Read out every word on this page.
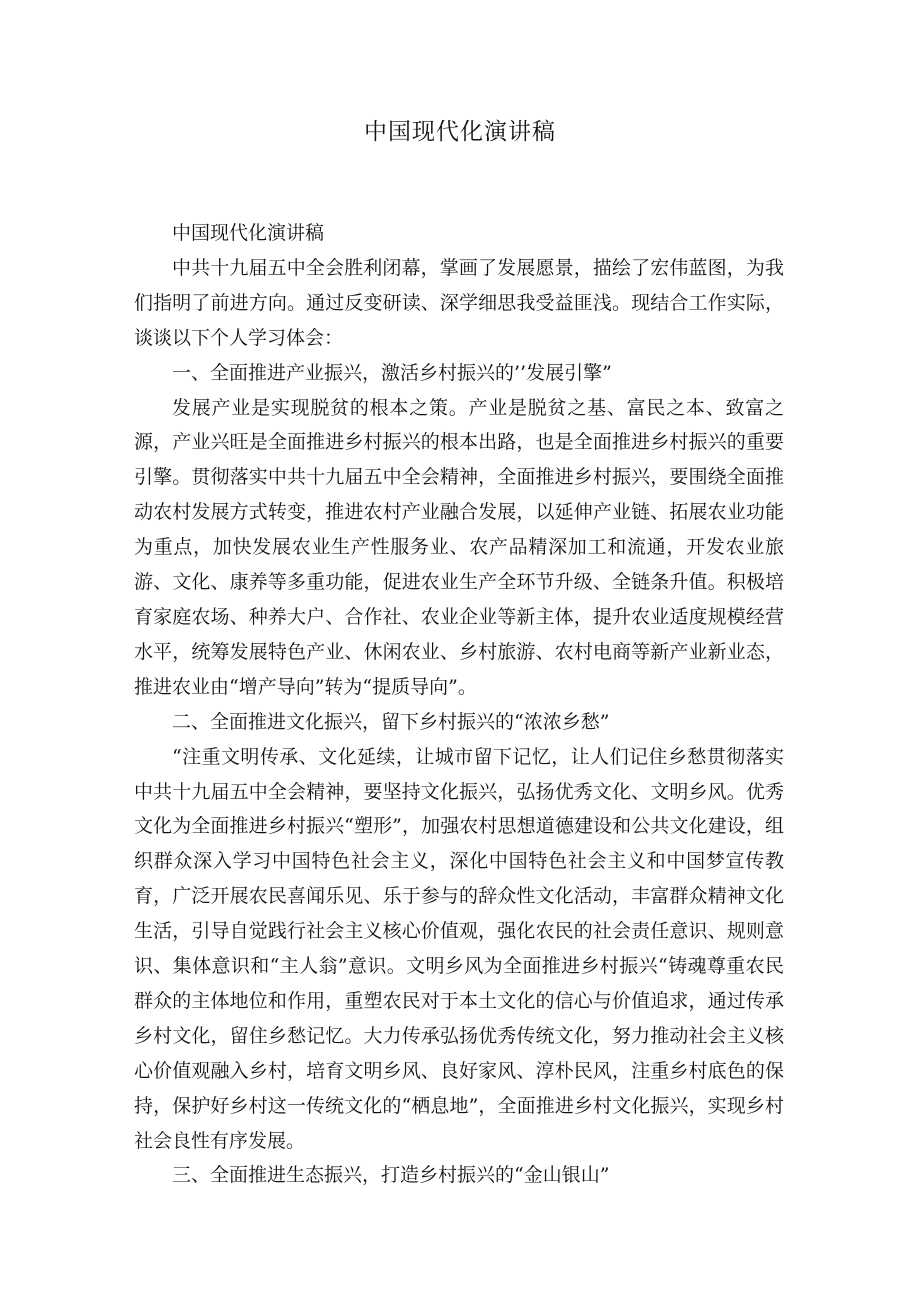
中国现代化演讲稿

中国现代化演讲稿

中共十九届五中全会胜利闭幕，掌画了发展愿景，描绘了宏伟蓝图，为我们指明了前进方向。通过反变研读、深学细思我受益匪浅。现结合工作实际，谈谈以下个人学习体会：

一、全面推进产业振兴，激活乡村振兴的’’发展引擎”

发展产业是实现脱贫的根本之策。产业是脱贫之基、富民之本、致富之源，产业兴旺是全面推进乡村振兴的根本出路，也是全面推进乡村振兴的重要引擎。贯彻落实中共十九届五中全会精神，全面推进乡村振兴，要围绕全面推动农村发展方式转变，推进农村产业融合发展，以延伸产业链、拓展农业功能为重点，加快发展农业生产性服务业、农产品精深加工和流通，开发农业旅游、文化、康养等多重功能，促进农业生产全环节升级、全链条升值。积极培育家庭农场、种养大户、合作社、农业企业等新主体，提升农业适度规模经营水平，统筹发展特色产业、休闲农业、乡村旅游、农村电商等新产业新业态，推进农业由“增产导向”转为“提质导向”。

二、全面推进文化振兴，留下乡村振兴的“浓浓乡愁”

“注重文明传承、文化延续，让城市留下记忆，让人们记住乡愁贯彻落实中共十九届五中全会精神，要坚持文化振兴，弘扬优秀文化、文明乡风。优秀文化为全面推进乡村振兴“塑形”，加强农村思想道德建设和公共文化建设，组织群众深入学习中国特色社会主义，深化中国特色社会主义和中国梦宣传教育，广泛开展农民喜闻乐见、乐于参与的辞众性文化活动，丰富群众精神文化生活，引导自觉践行社会主义核心价值观，强化农民的社会责任意识、规则意识、集体意识和“主人翁”意识。文明乡风为全面推进乡村振兴“铸魂尊重农民群众的主体地位和作用，重塑农民对于本土文化的信心与价值追求，通过传承乡村文化，留住乡愁记忆。大力传承弘扬优秀传统文化，努力推动社会主义核心价值观融入乡村，培育文明乡风、良好家风、淳朴民风，注重乡村底色的保持，保护好乡村这一传统文化的“栖息地”，全面推进乡村文化振兴，实现乡村社会良性有序发展。

三、全面推进生态振兴，打造乡村振兴的“金山银山”
